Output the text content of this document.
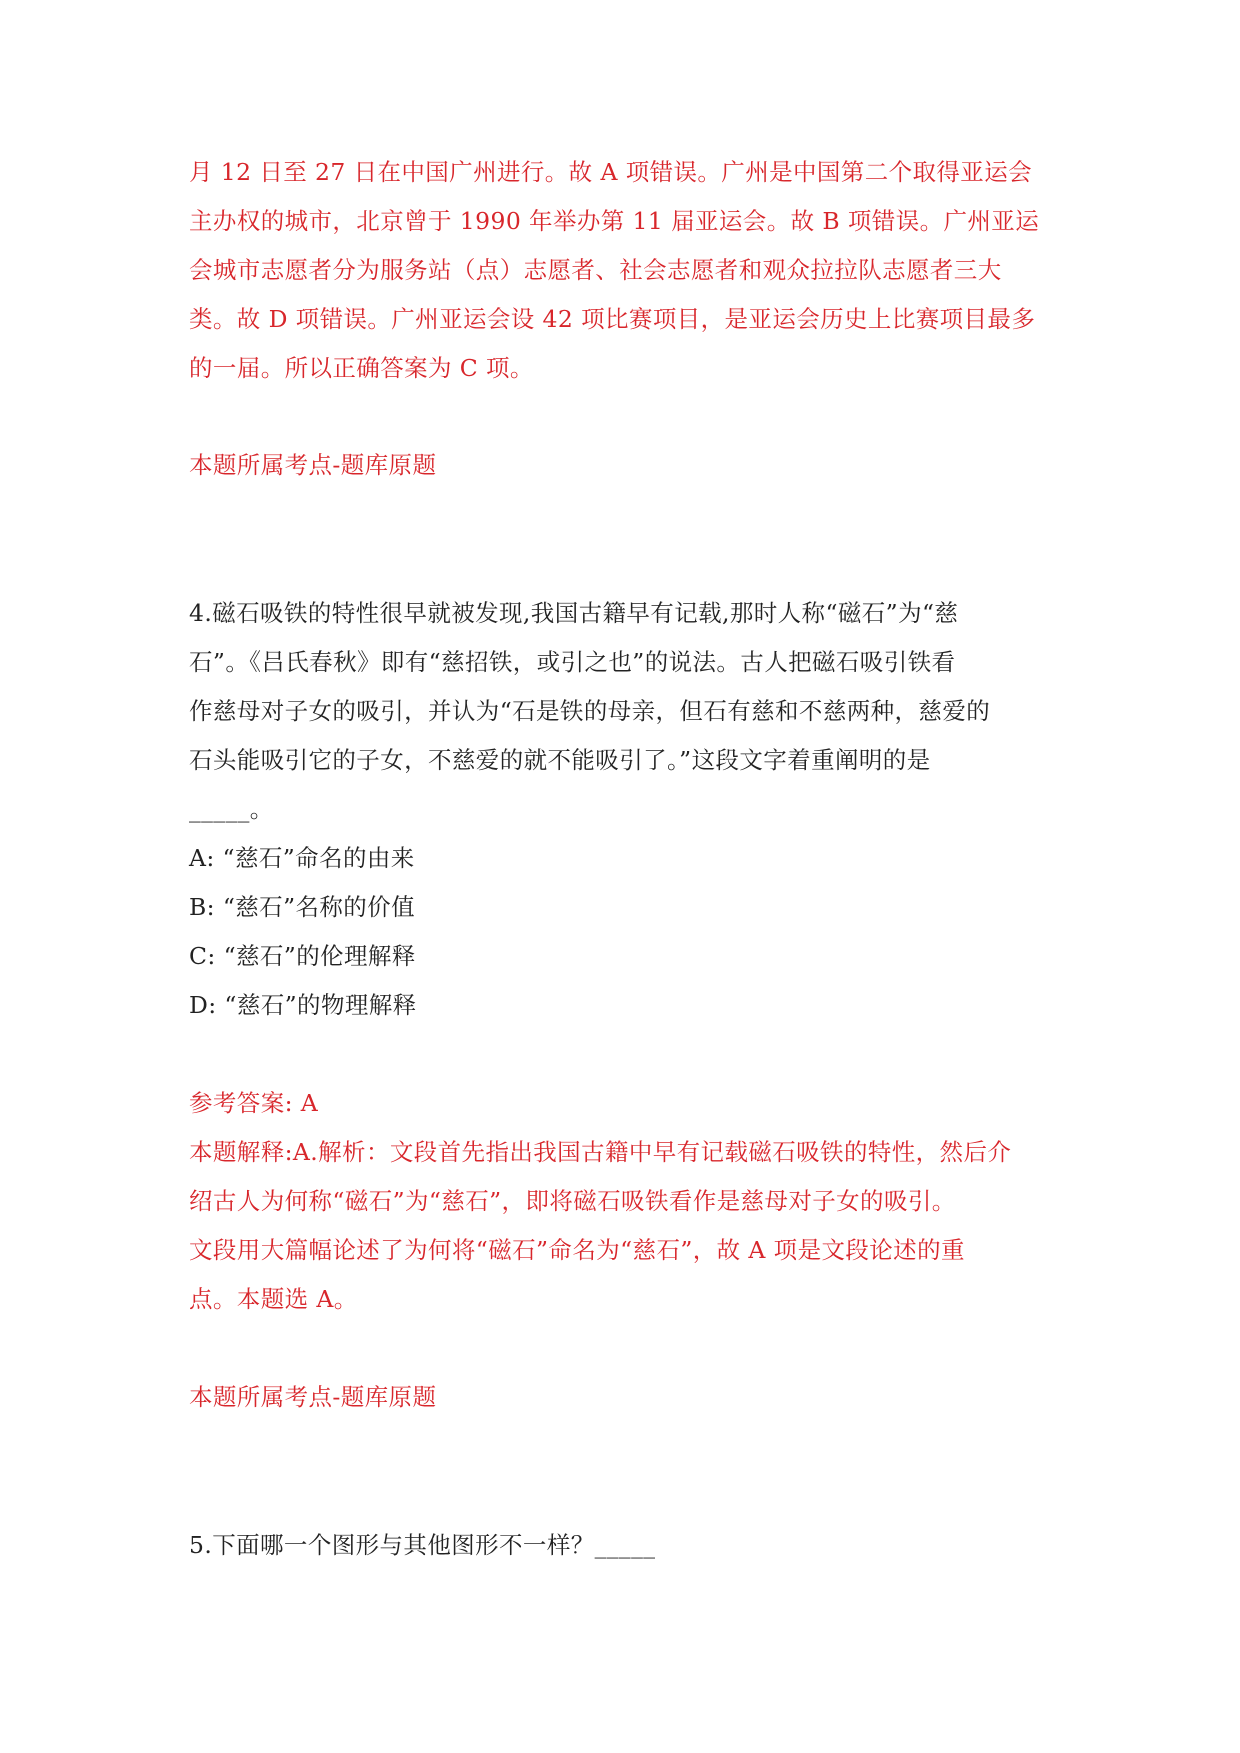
月 12 日至 27 日在中国广州进行。故 A 项错误。广州是中国第二个取得亚运会
主办权的城市，北京曾于 1990 年举办第 11 届亚运会。故 B 项错误。广州亚运
会城市志愿者分为服务站（点）志愿者、社会志愿者和观众拉拉队志愿者三大
类。故 D 项错误。广州亚运会设 42 项比赛项目，是亚运会历史上比赛项目最多
的一届。所以正确答案为 C 项。
本题所属考点-题库原题
4.磁石吸铁的特性很早就被发现,我国古籍早有记载,那时人称“磁石”为“慈
石”。《吕氏春秋》即有“慈招铁，或引之也”的说法。古人把磁石吸引铁看
作慈母对子女的吸引，并认为“石是铁的母亲，但石有慈和不慈两种，慈爱的
石头能吸引它的子女，不慈爱的就不能吸引了。”这段文字着重阐明的是
_____。
A: “慈石”命名的由来
B: “慈石”名称的价值
C: “慈石”的伦理解释
D: “慈石”的物理解释
参考答案: A
本题解释:A.解析：文段首先指出我国古籍中早有记载磁石吸铁的特性，然后介
绍古人为何称“磁石”为“慈石”，即将磁石吸铁看作是慈母对子女的吸引。
文段用大篇幅论述了为何将“磁石”命名为“慈石”，故 A 项是文段论述的重
点。本题选 A。
本题所属考点-题库原题
5.下面哪一个图形与其他图形不一样？_____
